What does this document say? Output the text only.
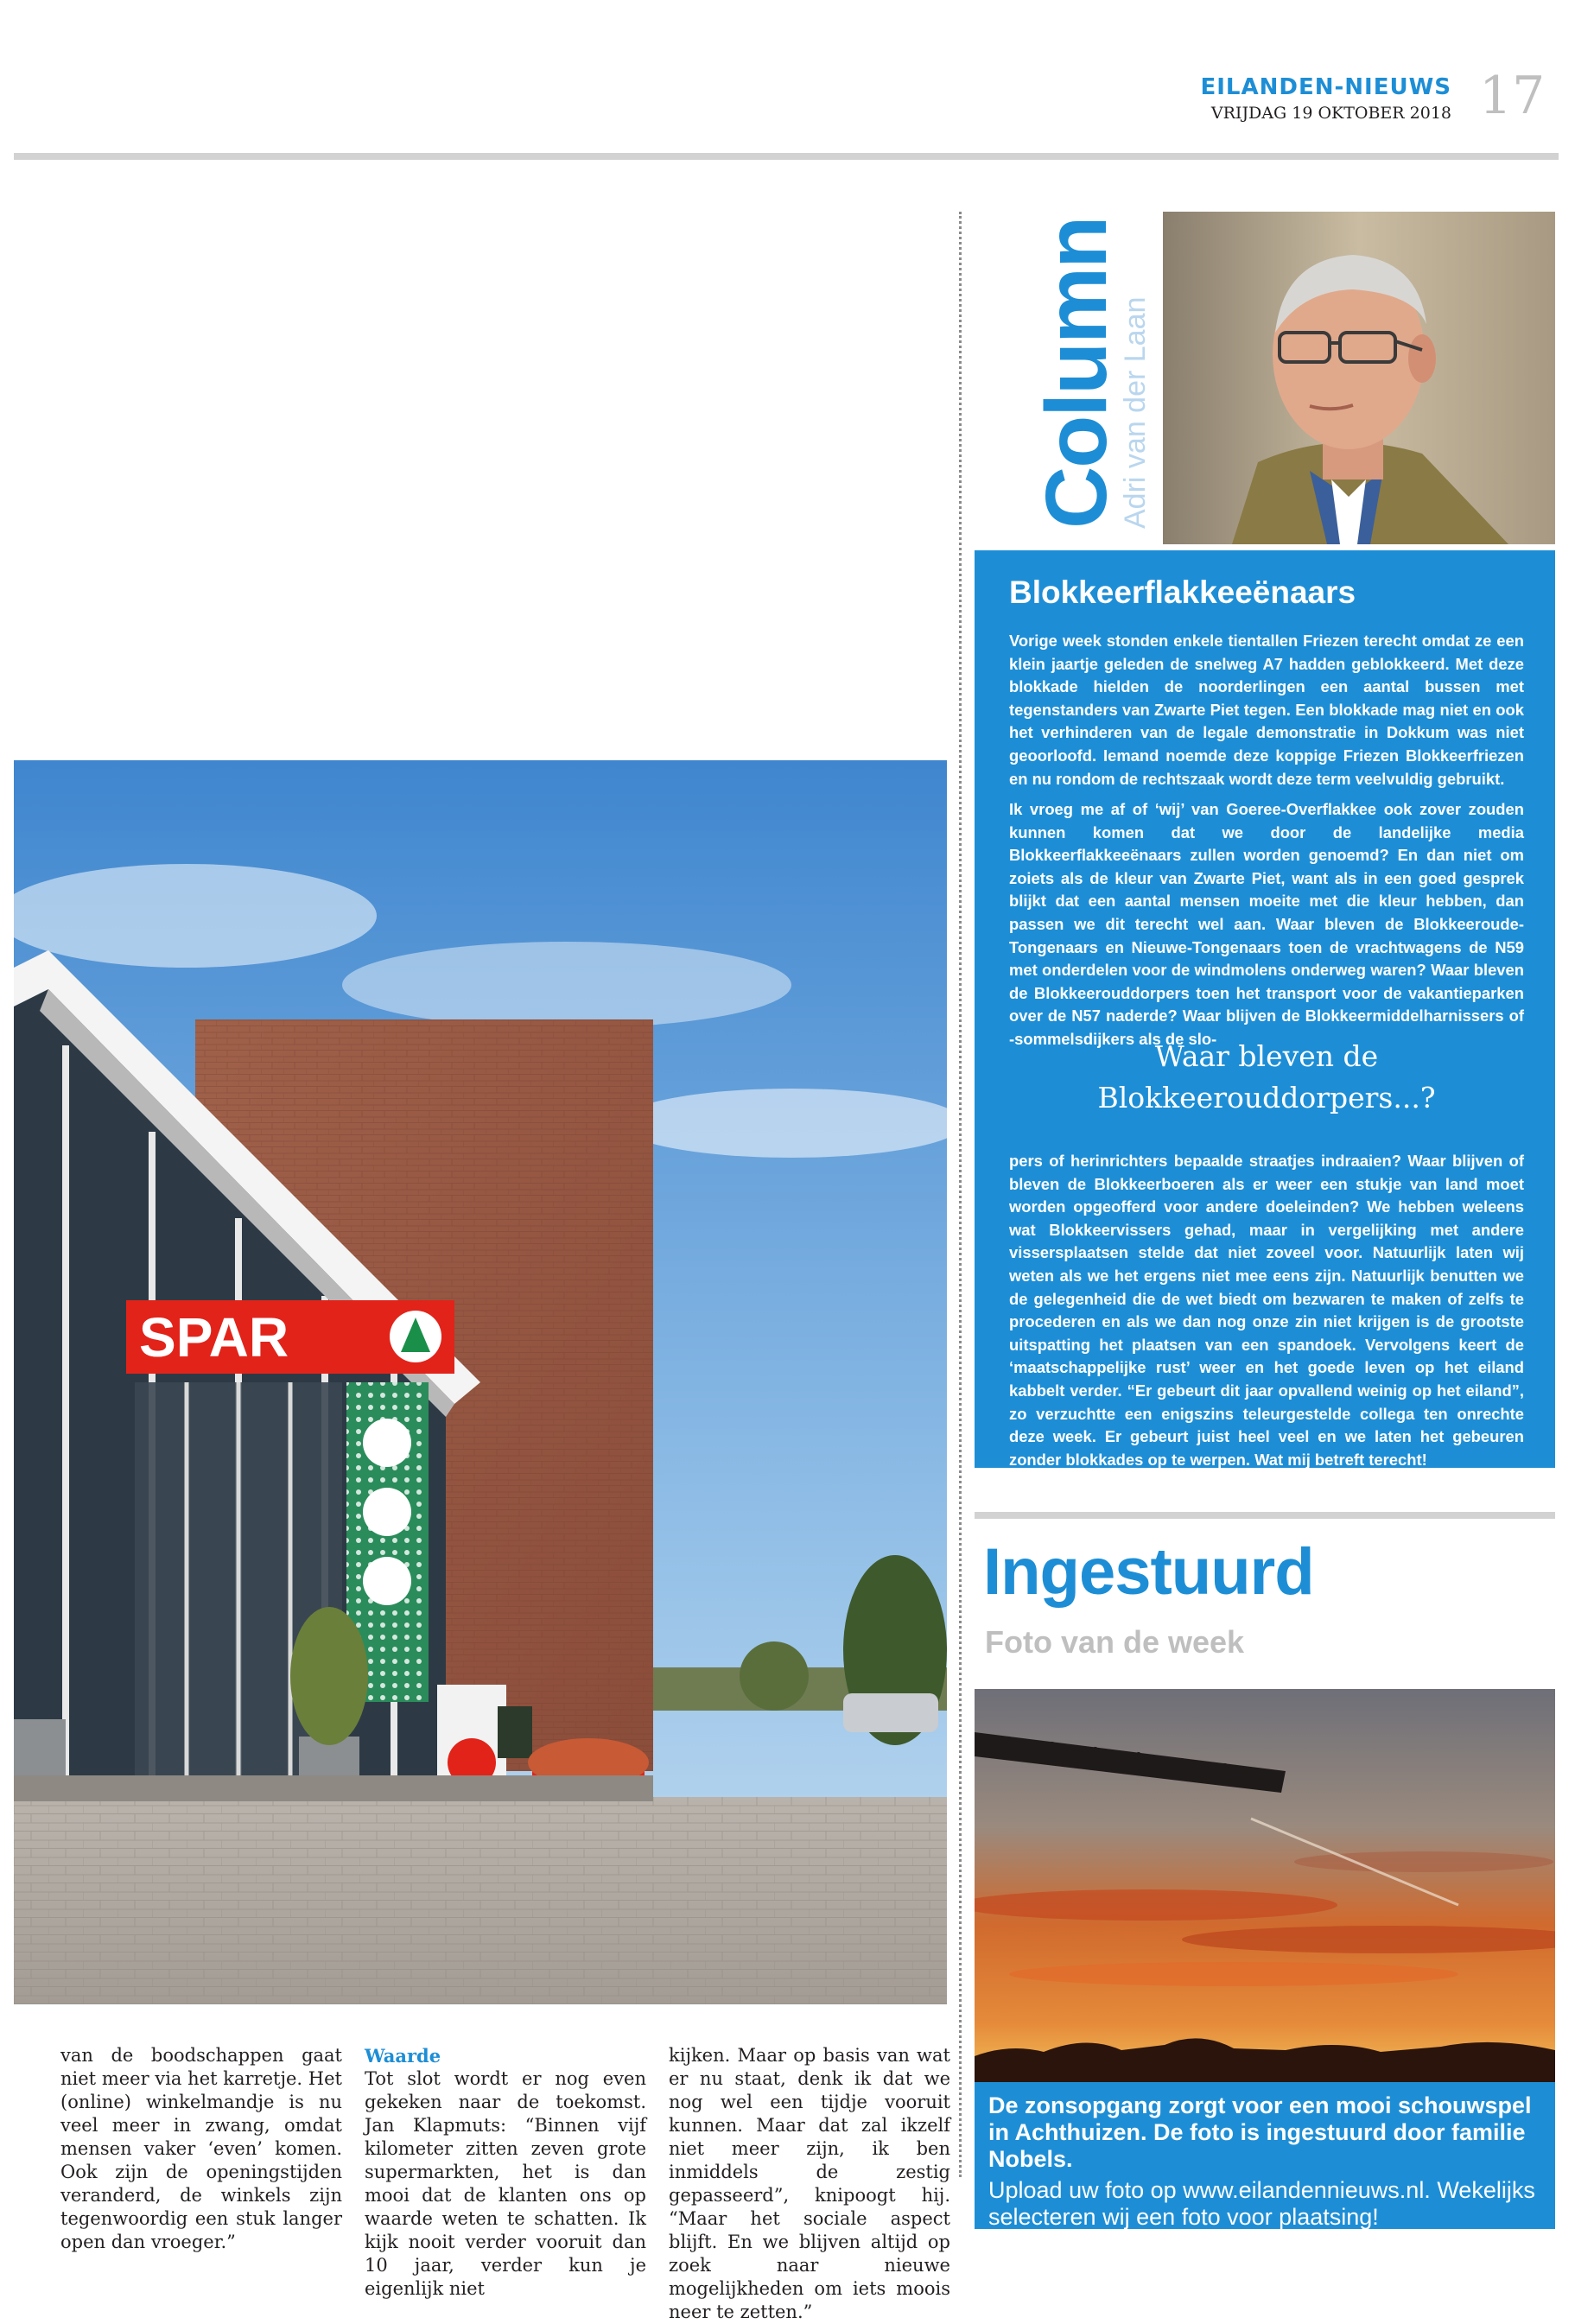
EILANDEN-NIEUWS
VRIJDAG 19 OKTOBER 2018 17
SPAR
van de boodschappen gaat niet meer via het karretje. Het (online) winkelmandje is nu veel meer in zwang, omdat mensen vaker ‘even’ komen. Ook zijn de openingstijden veranderd, de winkels zijn tegenwoordig een stuk langer open dan vroeger.”
Waarde
Tot slot wordt er nog even gekeken naar de toekomst. Jan Klapmuts: “Binnen vijf kilometer zitten zeven grote supermarkten, het is dan mooi dat de klanten ons op waarde weten te schatten. Ik kijk nooit verder vooruit dan 10 jaar, verder kun je eigenlijk niet
kijken. Maar op basis van wat er nu staat, denk ik dat we nog wel een tijdje vooruit kunnen. Maar dat zal ikzelf niet meer zijn, ik ben inmiddels de zestig gepasseerd”, knipoogt hij. “Maar het sociale aspect blijft. En we blijven altijd op zoek naar nieuwe mogelijkheden om iets moois neer te zetten.”
Column
Adri van der Laan
Blokkeerflakkeeënaars
Vorige week stonden enkele tientallen Friezen terecht omdat ze een klein jaartje geleden de snelweg A7 hadden geblokkeerd. Met deze blokkade hielden de noorderlingen een aantal bussen met tegenstanders van Zwarte Piet tegen. Een blokkade mag niet en ook het verhinderen van de legale demonstratie in Dokkum was niet geoorloofd. Iemand noemde deze koppige Friezen Blokkeerfriezen en nu rondom de rechtszaak wordt deze term veelvuldig gebruikt.
Ik vroeg me af of ‘wij’ van Goeree-Overflakkee ook zover zouden kunnen komen dat we door de landelijke media Blokkeerflakkeeënaars zullen worden genoemd? En dan niet om zoiets als de kleur van Zwarte Piet, want als in een goed gesprek blijkt dat een aantal mensen moeite met die kleur hebben, dan passen we dit terecht wel aan. Waar bleven de Blokkeeroude-Tongenaars en Nieuwe-Tongenaars toen de vrachtwagens de N59 met onderdelen voor de windmolens onderweg waren? Waar bleven de Blokkeerouddorpers toen het transport voor de vakantieparken over de N57 naderde? Waar blijven de Blokkeermiddelharnissers of -sommelsdijkers als de slo-
Waar bleven de Blokkeerouddorpers...?
pers of herinrichters bepaalde straatjes indraaien? Waar blijven of bleven de Blokkeerboeren als er weer een stukje van land moet worden opgeofferd voor andere doeleinden? We hebben weleens wat Blokkeervissers gehad, maar in vergelijking met andere vissersplaatsen stelde dat niet zoveel voor. Natuurlijk laten wij weten als we het ergens niet mee eens zijn. Natuurlijk benutten we de gelegenheid die de wet biedt om bezwaren te maken of zelfs te procederen en als we dan nog onze zin niet krijgen is de grootste uitspatting het plaatsen van een spandoek. Vervolgens keert de ‘maatschappelijke rust’ weer en het goede leven op het eiland kabbelt verder. “Er gebeurt dit jaar opvallend weinig op het eiland”, zo verzuchtte een enigszins teleurgestelde collega ten onrechte deze week. Er gebeurt juist heel veel en we laten het gebeuren zonder blokkades op te werpen. Wat mij betreft terecht!
Ingestuurd
Foto van de week
De zonsopgang zorgt voor een mooi schouwspel in Achthuizen. De foto is ingestuurd door familie Nobels.
Upload uw foto op www.eilandennieuws.nl. Wekelijks selecteren wij een foto voor plaatsing!
